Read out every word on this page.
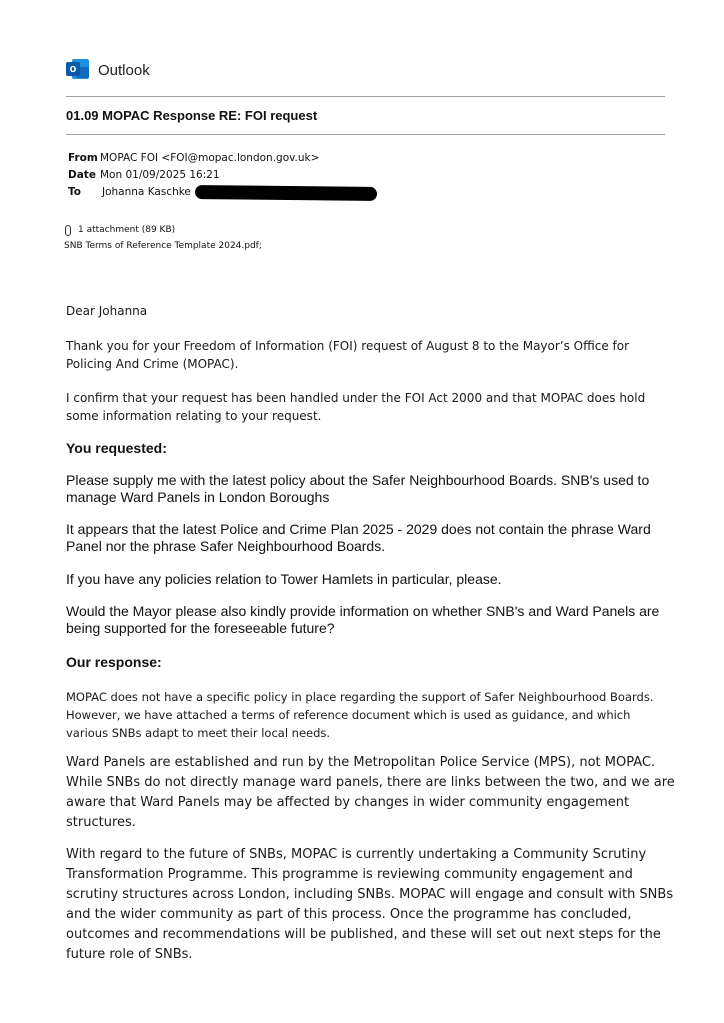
o Outlook
01.09 MOPAC Response RE: FOI request
From MOPAC FOI <FOI@mopac.london.gov.uk>
Date Mon 01/09/2025 16:21
To	Johanna Kaschke
1 attachment (89 KB)
SNB Terms of Reference Template 2024.pdf;

Dear Johanna

Thank you for your Freedom of Information (FOI) request of August 8 to the Mayor’s Office for Policing And Crime (MOPAC).

I confirm that your request has been handled under the FOI Act 2000 and that MOPAC does hold some information relating to your request.

You requested:

Please supply me with the latest policy about the Safer Neighbourhood Boards. SNB's used to manage Ward Panels in London Boroughs

It appears that the latest Police and Crime Plan 2025 - 2029 does not contain the phrase Ward Panel nor the phrase Safer Neighbourhood Boards.

If you have any policies relation to Tower Hamlets in particular, please.

Would the Mayor please also kindly provide information on whether SNB's and Ward Panels are being supported for the foreseeable future?

Our response:

MOPAC does not have a specific policy in place regarding the support of Safer Neighbourhood Boards. However, we have attached a terms of reference document which is used as guidance, and which various SNBs adapt to meet their local needs.

Ward Panels are established and run by the Metropolitan Police Service (MPS), not MOPAC. While SNBs do not directly manage ward panels, there are links between the two, and we are aware that Ward Panels may be affected by changes in wider community engagement structures.

With regard to the future of SNBs, MOPAC is currently undertaking a Community Scrutiny Transformation Programme. This programme is reviewing community engagement and scrutiny structures across London, including SNBs. MOPAC will engage and consult with SNBs and the wider community as part of this process. Once the programme has concluded, outcomes and recommendations will be published, and these will set out next steps for the future role of SNBs.
